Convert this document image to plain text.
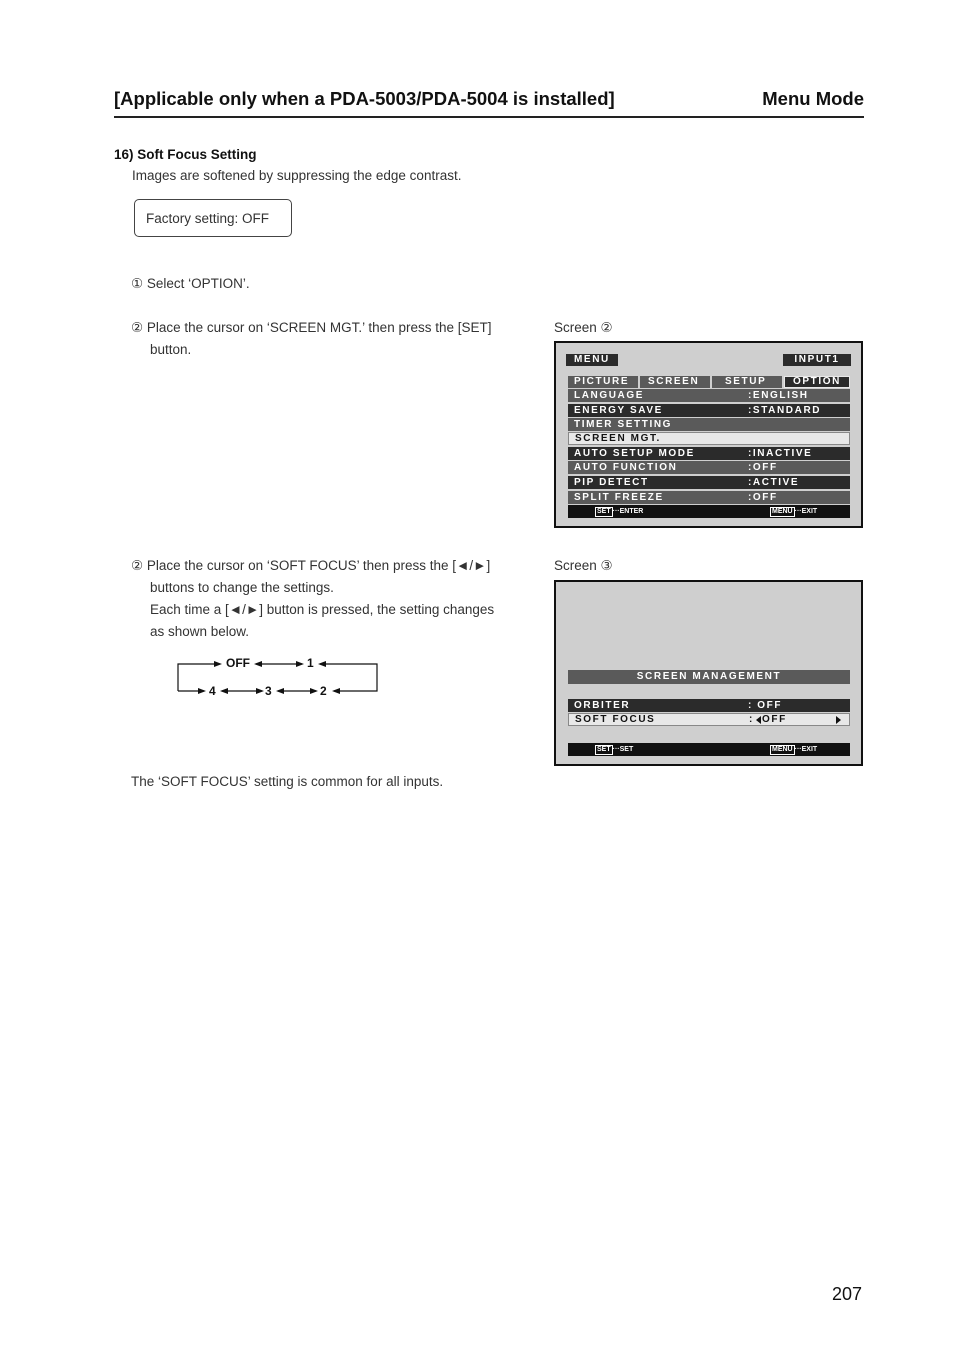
[Applicable only when a PDA-5003/PDA-5004 is installed]	Menu Mode
16) Soft Focus Setting
Images are softened by suppressing the edge contrast.
Factory setting: OFF
① Select ‘OPTION’.
② Place the cursor on ‘SCREEN MGT.’ then press the [SET]
button.
② Place the cursor on ‘SOFT FOCUS’ then press the [◄/►]
buttons to change the settings.
Each time a [◄/►] button is pressed, the setting changes
as shown below.
OFF	1
2
3
4
The ‘SOFT FOCUS’ setting is common for all inputs.
Screen ②
MENU	INPUT1
PICTURE	SCREEN	SETUP	OPTION
LANGUAGE	:ENGLISH
ENERGY SAVE	:STANDARD
TIMER SETTING
SCREEN MGT.
AUTO SETUP MODE	:INACTIVE
AUTO FUNCTION	:OFF
PIP DETECT	:ACTIVE
SPLIT FREEZE	:OFF
SET ···ENTER	MENU ···EXIT
Screen ③
SCREEN MANAGEMENT
ORBITER	: OFF
SOFT FOCUS	: OFF
SET ···SET	MENU ···EXIT
207
